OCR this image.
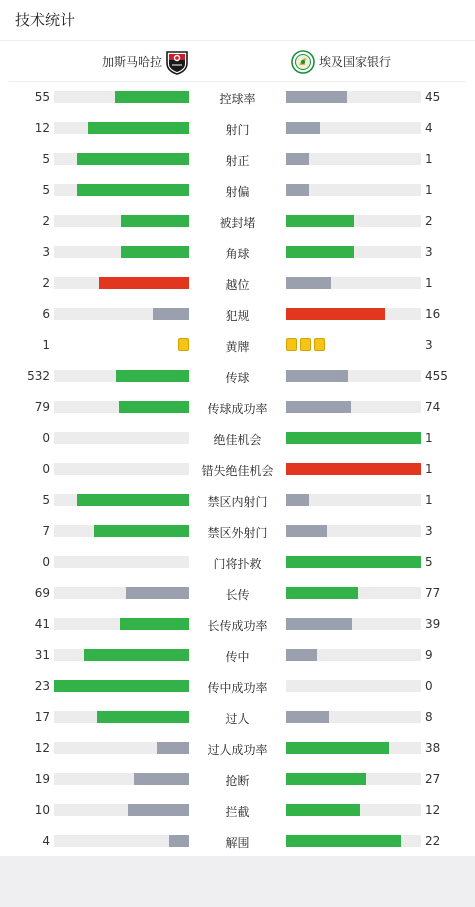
技术统计
加斯马哈拉	埃及国家银行
55	控球率	45
12	射门	4
5	射正	1
5	射偏	1
2	被封堵	2
3	角球	3
2	越位	1
6	犯规	16
1	黄牌	3
532	传球	455
79	传球成功率	74
0	绝佳机会	1
0	错失绝佳机会	1
5	禁区内射门	1
7	禁区外射门	3
0	门将扑救	5
69	长传	77
41	长传成功率	39
31	传中	9
23	传中成功率	0
17	过人	8
12	过人成功率	38
19	抢断	27
10	拦截	12
4	解围	22
